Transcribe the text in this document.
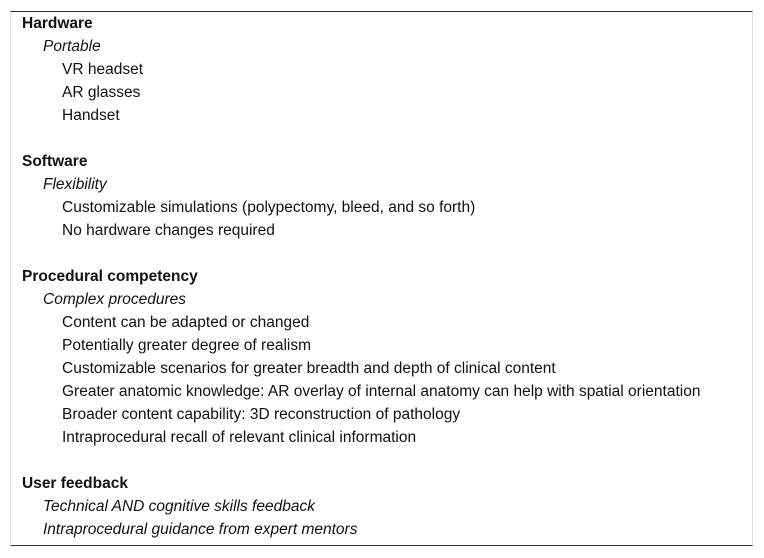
Hardware
Portable
VR headset
AR glasses
Handset
Software
Flexibility
Customizable simulations (polypectomy, bleed, and so forth)
No hardware changes required
Procedural competency
Complex procedures
Content can be adapted or changed
Potentially greater degree of realism
Customizable scenarios for greater breadth and depth of clinical content
Greater anatomic knowledge: AR overlay of internal anatomy can help with spatial orientation
Broader content capability: 3D reconstruction of pathology
Intraprocedural recall of relevant clinical information
User feedback
Technical AND cognitive skills feedback
Intraprocedural guidance from expert mentors
